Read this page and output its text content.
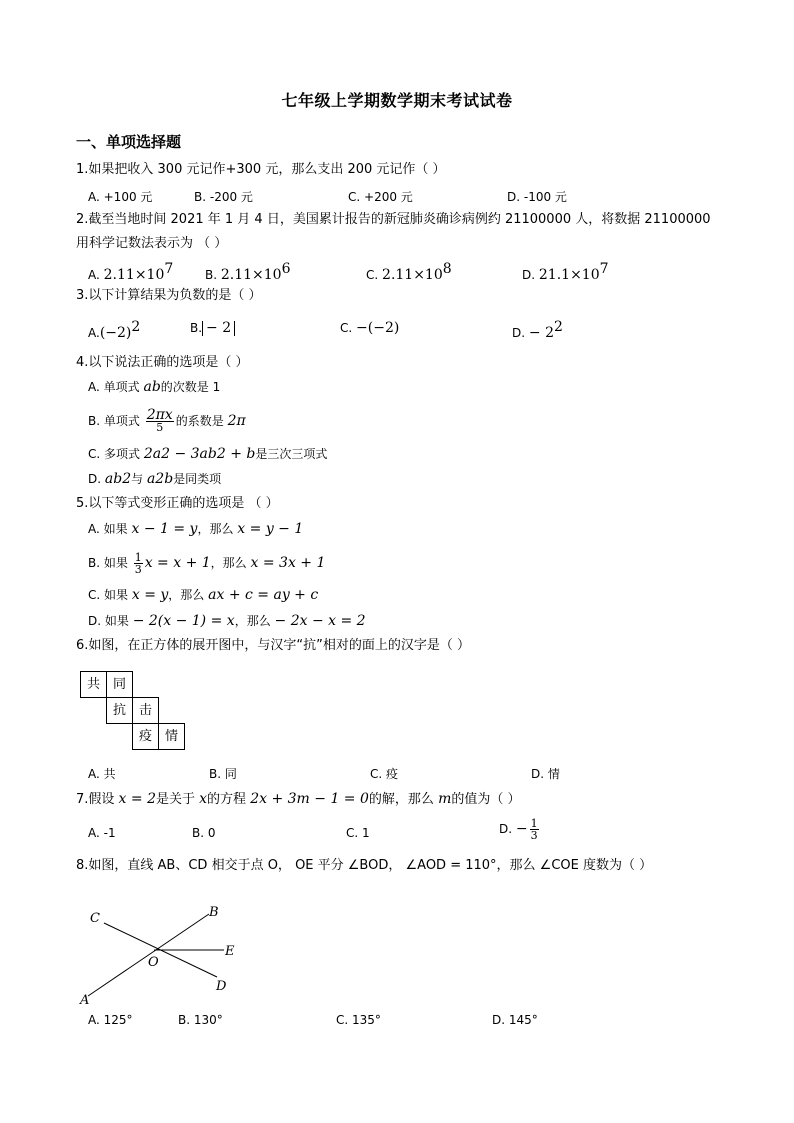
七年级上学期数学期末考试试卷
一、单项选择题
1.如果把收入 300 元记作+300 元，那么支出 200 元记作（ ）
A. +100 元	B. -200 元	C. +200 元	D. -100 元
2.截至当地时间 2021 年 1 月 4 日，美国累计报告的新冠肺炎确诊病例约 21100000 人，将数据 21100000 用科学记数法表示为 （ ）
A. $2.11\times 10^7$	B. $2.11\times 10^6$	C. $2.11\times 10^8$	D. $21.1\times 10^7$
3.以下计算结果为负数的是（ ）
$A.(-2)^2$	B. − 2	C. −(−2)	D. − $2^2$
4.以下说法正确的选项是（ ）
A. 单项式 ab的次数是 1
B. 单项式 $\frac{2\pi x}{5}$ 的系数是 2π
C. 多项式 2a2 − 3ab2 + b是三次三项式
D. ab2与 a2b是同类项
5.以下等式变形正确的选项是 （ ）
A. 如果 x − 1 = y，那么 x = y − 1
B. 如果 $\frac{1}{3}$ x = x + 1，那么 x = 3x + 1
C. 如果 x = y，那么 ax + c = ay + c
D. 如果 − 2(x − 1) = x，那么 − 2x − x = 2
6.如图，在正方体的展开图中，与汉字“抗”相对的面上的汉字是（ ）
共 同
抗 击
疫 情
A. 共	B. 同	C. 疫	D. 情
7.假设 x = 2是关于 x的方程 2x + 3m − 1 = 0的解，那么 m的值为（ ）
A. -1	B. 0	C. 1	D. − $\frac{1}{3}$
8.如图，直线 AB、CD 相交于点 O， OE 平分 ∠BOD， ∠AOD = 110°，那么 ∠COE 度数为（ ）
C	B
E
O
A
D
A. 125°	B. 130°	C. 135°	D. 145°
